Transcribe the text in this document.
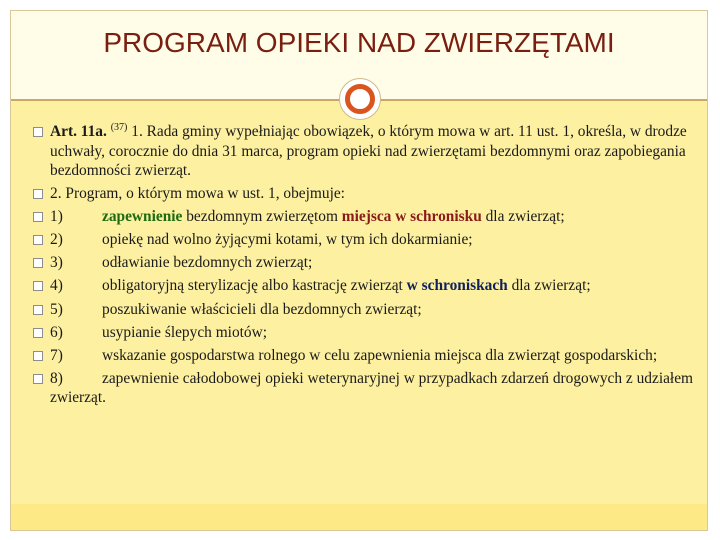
PROGRAM OPIEKI NAD ZWIERZĘTAMI
Art. 11a. $^{(37)}$ 1. Rada gminy wypełniając obowiązek, o którym mowa w art. 11 ust. 1, określa, w drodze uchwały, corocznie do dnia 31 marca, program opieki nad zwierzętami bezdomnymi oraz zapobiegania bezdomności zwierząt.
2. Program, o którym mowa w ust. 1, obejmuje:
1)	zapewnienie bezdomnym zwierzętom miejsca w schronisku dla zwierząt;
2)	opiekę nad wolno żyjącymi kotami, w tym ich dokarmianie;
3)	odławianie bezdomnych zwierząt;
4)	obligatoryjną sterylizację albo kastrację zwierząt w schroniskach dla zwierząt;
5)	poszukiwanie właścicieli dla bezdomnych zwierząt;
6)	usypianie ślepych miotów;
7)	wskazanie gospodarstwa rolnego w celu zapewnienia miejsca dla zwierząt gospodarskich;
8)	zapewnienie całodobowej opieki weterynaryjnej w przypadkach zdarzeń drogowych z udziałem zwierząt.
